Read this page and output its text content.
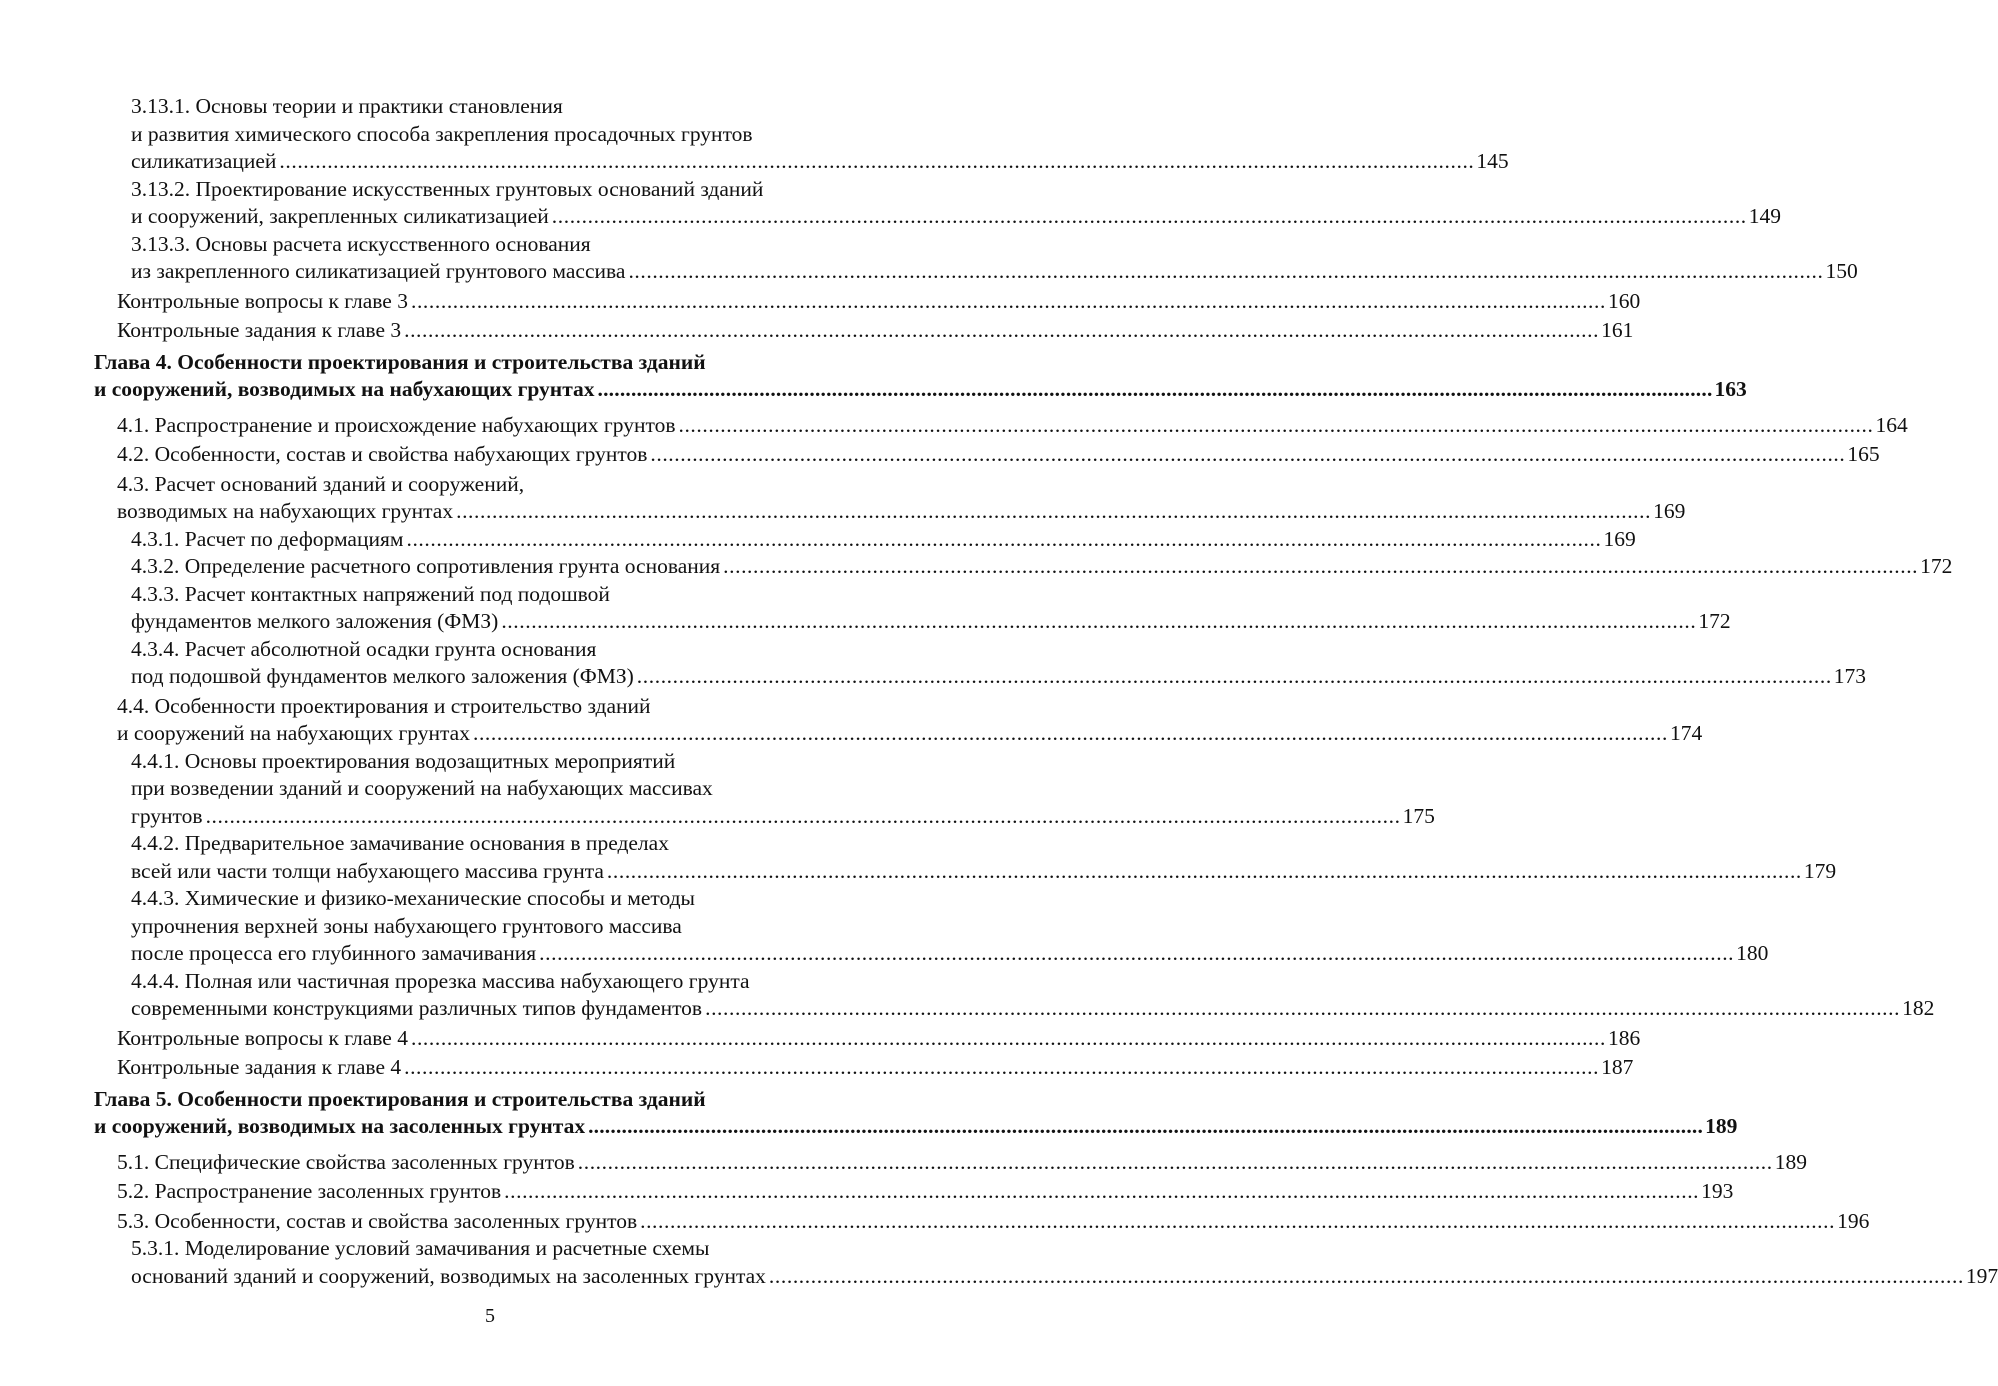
3.13.1. Основы теории и практики становления
и развития химического способа закрепления просадочных грунтов
силикатизацией ........................................................................................................................................................................................................ 145
3.13.2. Проектирование искусственных грунтовых оснований зданий
и сооружений, закрепленных силикатизацией ........................................................................................................................................................................................................ 149
3.13.3. Основы расчета искусственного основания
из закрепленного силикатизацией грунтового массива ........................................................................................................................................................................................................ 150
Контрольные вопросы к главе 3 ........................................................................................................................................................................................................ 160
Контрольные задания к главе 3 ........................................................................................................................................................................................................ 161
Глава 4. Особенности проектирования и строительства зданий
и сооружений, возводимых на набухающих грунтах ........................................................................................................................................................................................................ 163
4.1. Распространение и происхождение набухающих грунтов ........................................................................................................................................................................................................ 164
4.2. Особенности, состав и свойства набухающих грунтов ........................................................................................................................................................................................................ 165
4.3. Расчет оснований зданий и сооружений,
возводимых на набухающих грунтах ........................................................................................................................................................................................................ 169
4.3.1. Расчет по деформациям ........................................................................................................................................................................................................ 169
4.3.2. Определение расчетного сопротивления грунта основания ........................................................................................................................................................................................................ 172
4.3.3. Расчет контактных напряжений под подошвой
фундаментов мелкого заложения (ФМЗ) ........................................................................................................................................................................................................ 172
4.3.4. Расчет абсолютной осадки грунта основания
под подошвой фундаментов мелкого заложения (ФМЗ) ........................................................................................................................................................................................................ 173
4.4. Особенности проектирования и строительство зданий
и сооружений на набухающих грунтах ........................................................................................................................................................................................................ 174
4.4.1. Основы проектирования водозащитных мероприятий
при возведении зданий и сооружений на набухающих массивах
грунтов ........................................................................................................................................................................................................ 175
4.4.2. Предварительное замачивание основания в пределах
всей или части толщи набухающего массива грунта ........................................................................................................................................................................................................ 179
4.4.3. Химические и физико-механические способы и методы
упрочнения верхней зоны набухающего грунтового массива
после процесса его глубинного замачивания ........................................................................................................................................................................................................ 180
4.4.4. Полная или частичная прорезка массива набухающего грунта
современными конструкциями различных типов фундаментов ........................................................................................................................................................................................................ 182
Контрольные вопросы к главе 4 ........................................................................................................................................................................................................ 186
Контрольные задания к главе 4 ........................................................................................................................................................................................................ 187
Глава 5. Особенности проектирования и строительства зданий
и сооружений, возводимых на засоленных грунтах ........................................................................................................................................................................................................ 189
5.1. Специфические свойства засоленных грунтов ........................................................................................................................................................................................................ 189
5.2. Распространение засоленных грунтов ........................................................................................................................................................................................................ 193
5.3. Особенности, состав и свойства засоленных грунтов ........................................................................................................................................................................................................ 196
5.3.1. Моделирование условий замачивания и расчетные схемы
оснований зданий и сооружений, возводимых на засоленных грунтах ........................................................................................................................................................................................................ 197
5
